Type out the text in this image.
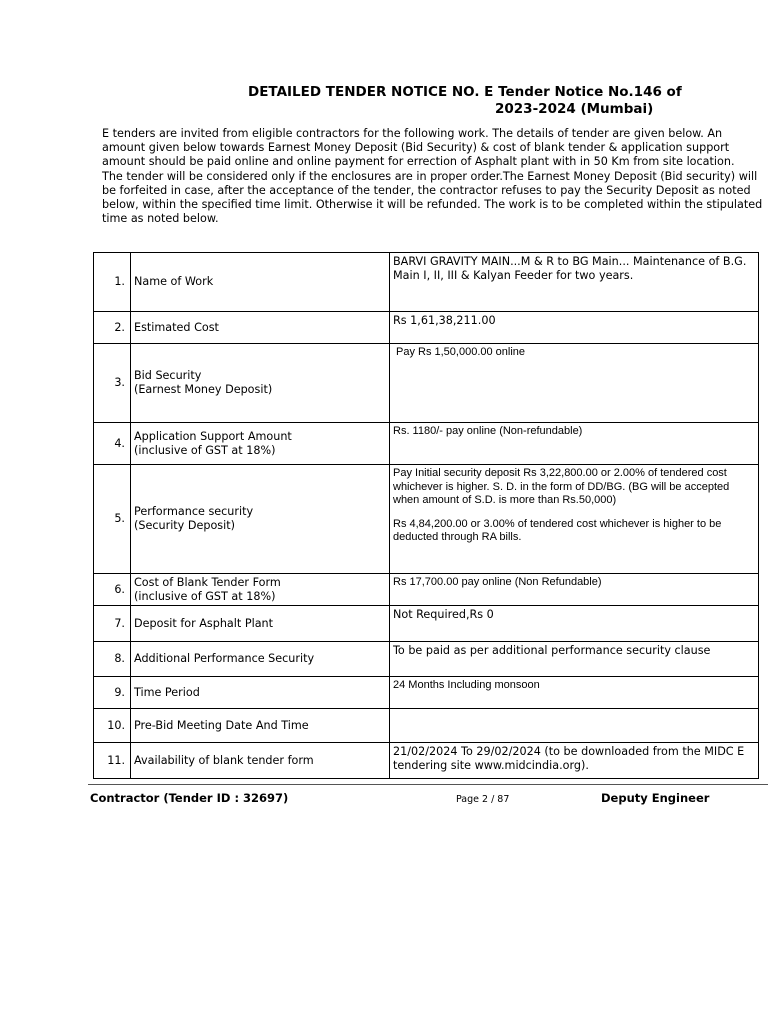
DETAILED TENDER NOTICE NO. E Tender Notice No.146 of
2023-2024 (Mumbai)

E tenders are invited from eligible contractors for the following work. The details of tender are given below. An amount given below towards Earnest Money Deposit (Bid Security) & cost of blank tender & application support amount should be paid online and online payment for errection of Asphalt plant with in 50 Km from site location.

The tender will be considered only if the enclosures are in proper order.The Earnest Money Deposit (Bid security) will be forfeited in case, after the acceptance of the tender, the contractor refuses to pay the Security Deposit as noted below, within the specified time limit. Otherwise it will be refunded. The work is to be completed within the stipulated time as noted below.

1.	Name of Work	BARVI GRAVITY MAIN...M & R to BG Main... Maintenance of B.G. Main I, II, III & Kalyan Feeder for two years.
2.	Estimated Cost	Rs 1,61,38,211.00
3.	Bid Security
(Earnest Money Deposit)	Pay Rs 1,50,000.00 online
4.	Application Support Amount
(inclusive of GST at 18%)	Rs. 1180/- pay online (Non-refundable)
5.	Performance security
(Security Deposit)	Pay Initial security deposit Rs 3,22,800.00 or 2.00% of tendered cost whichever is higher. S. D. in the form of DD/BG. (BG will be accepted when amount of S.D. is more than Rs.50,000)
Rs 4,84,200.00 or 3.00% of tendered cost whichever is higher to be deducted through RA bills.
6.	Cost of Blank Tender Form
(inclusive of GST at 18%)	Rs 17,700.00 pay online (Non Refundable)
7.	Deposit for Asphalt Plant	Not Required,Rs 0
8.	Additional Performance Security	To be paid as per additional performance security clause
9.	Time Period	24 Months Including monsoon
10.	Pre-Bid Meeting Date And Time	
11.	Availability of blank tender form	21/02/2024 To 29/02/2024 (to be downloaded from the MIDC E tendering site www.midcindia.org).
Contractor (Tender ID : 32697)	Page 2 / 87	Deputy Engineer
